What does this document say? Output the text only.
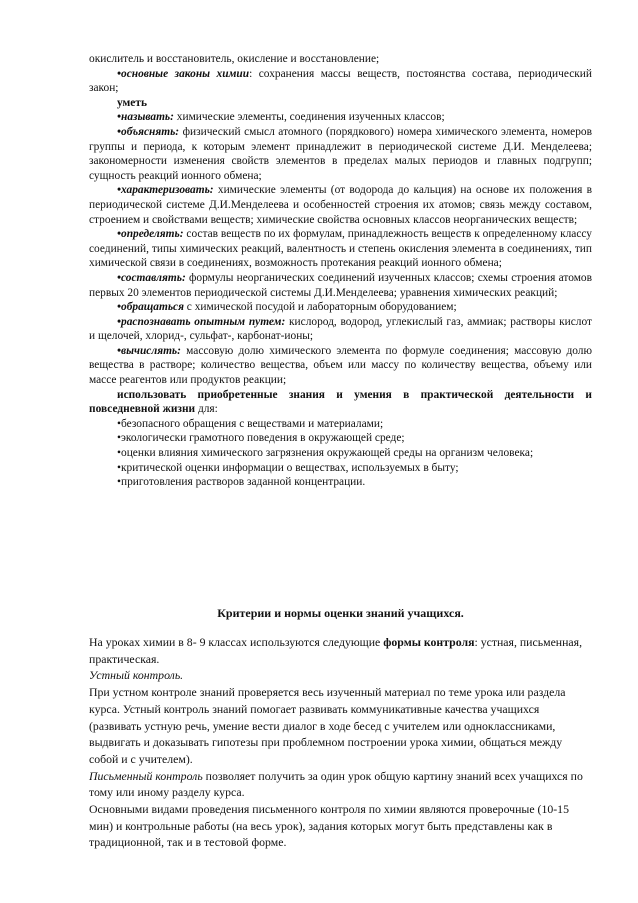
окислитель и восстановитель, окисление и восстановление;

• основные законы химии: сохранения массы веществ, постоянства состава, периодический закон;

уметь

• называть: химические элементы, соединения изученных классов;

• объяснять: физический смысл атомного (порядкового) номера химического элемента, номеров группы и периода, к которым элемент принадлежит в периодической системе Д.И. Менделеева; закономерности изменения свойств элементов в пределах малых периодов и главных подгрупп; сущность реакций ионного обмена;

• характеризовать: химические элементы (от водорода до кальция) на основе их положения в периодической системе Д.И.Менделеева и особенностей строения их атомов; связь между составом, строением и свойствами веществ; химические свойства основных классов неорганических веществ;

• определять: состав веществ по их формулам, принадлежность веществ к определенному классу соединений, типы химических реакций, валентность и степень окисления элемента в соединениях, тип химической связи в соединениях, возможность протекания реакций ионного обмена;

• составлять: формулы неорганических соединений изученных классов; схемы строения атомов первых 20 элементов периодической системы Д.И.Менделеева; уравнения химических реакций;

• обращаться с химической посудой и лабораторным оборудованием;

• распознавать опытным путем: кислород, водород, углекислый газ, аммиак; растворы кислот и щелочей, хлорид-, сульфат-, карбонат-ионы;

• вычислять: массовую долю химического элемента по формуле соединения; массовую долю вещества в растворе; количество вещества, объем или массу по количеству вещества, объему или массе реагентов или продуктов реакции;

использовать приобретенные знания и умения в практической деятельности и повседневной жизни для:

• безопасного обращения с веществами и материалами;

• экологически грамотного поведения в окружающей среде;

• оценки влияния химического загрязнения окружающей среды на организм человека;

• критической оценки информации о веществах, используемых в быту;

• приготовления растворов заданной концентрации.

Критерии и нормы оценки знаний учащихся.

На уроках химии в 8- 9 классах используются следующие формы контроля: устная, письменная, практическая.

Устный контроль.

При устном контроле знаний проверяется весь изученный материал по теме урока или раздела курса. Устный контроль знаний помогает развивать коммуникативные качества учащихся (развивать устную речь, умение вести диалог в ходе бесед с учителем или одноклассниками, выдвигать и доказывать гипотезы при проблемном построении урока химии, общаться между собой и с учителем).

Письменный контроль позволяет получить за один урок общую картину знаний всех учащихся по тому или иному разделу курса.

Основными видами проведения письменного контроля по химии являются проверочные (10-15 мин) и контрольные работы (на весь урок), задания которых могут быть представлены как в традиционной, так и в тестовой форме.
